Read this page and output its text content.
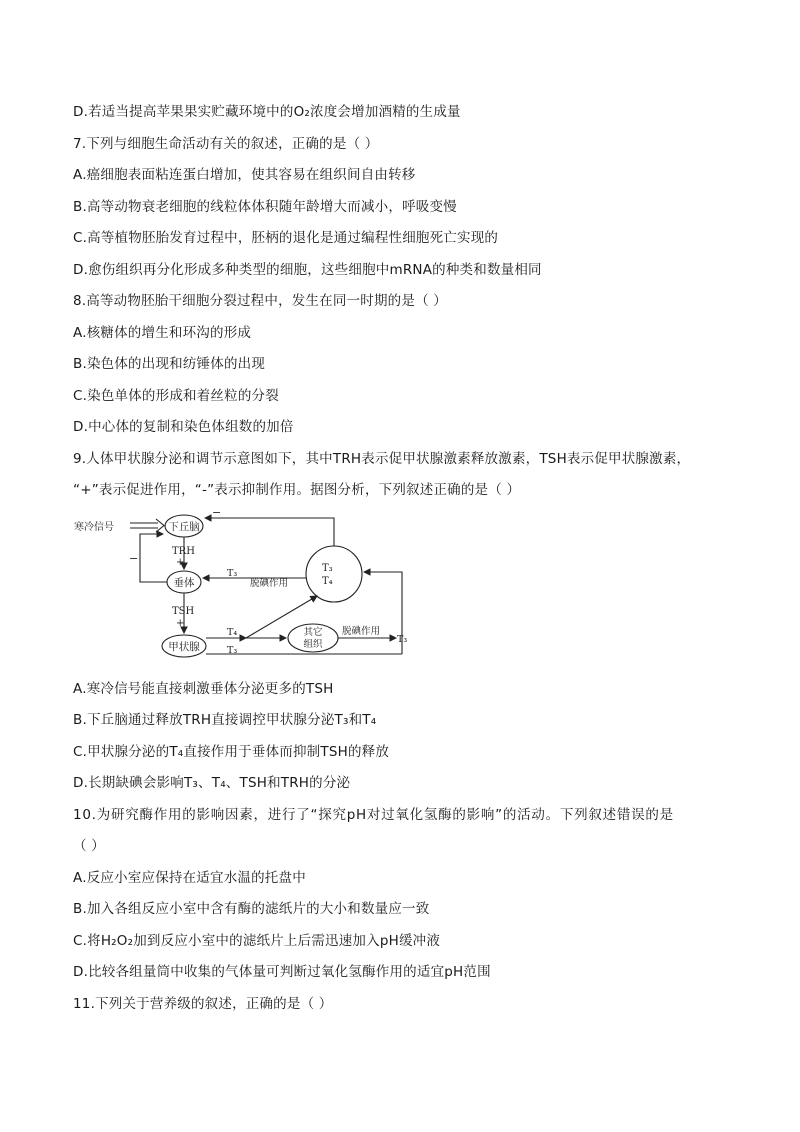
D.若适当提高苹果果实贮藏环境中的O₂浓度会增加酒精的生成量
7.下列与细胞生命活动有关的叙述，正确的是（ ）
A.癌细胞表面粘连蛋白增加，使其容易在组织间自由转移
B.高等动物衰老细胞的线粒体体积随年龄增大而减小，呼吸变慢
C.高等植物胚胎发育过程中，胚柄的退化是通过编程性细胞死亡实现的
D.愈伤组织再分化形成多种类型的细胞，这些细胞中mRNA的种类和数量相同
8.高等动物胚胎干细胞分裂过程中，发生在同一时期的是（ ）
A.核糖体的增生和环沟的形成
B.染色体的出现和纺锤体的出现
C.染色单体的形成和着丝粒的分裂
D.中心体的复制和染色体组数的加倍
9.人体甲状腺分泌和调节示意图如下，其中TRH表示促甲状腺激素释放激素，TSH表示促甲状腺激素，
“+”表示促进作用，“-”表示抑制作用。据图分析，下列叙述正确的是（ ）
寒冷信号	下丘脑
垂体
甲状腺
TRH
+
TSH
+
−
−
T₃	T₃
T₄
脱碘作用
T₄
T₃
其它
组织
脱碘作用
T₃
A.寒冷信号能直接刺激垂体分泌更多的TSH
B.下丘脑通过释放TRH直接调控甲状腺分泌T₃和T₄
C.甲状腺分泌的T₄直接作用于垂体而抑制TSH的释放
D.长期缺碘会影响T₃、T₄、TSH和TRH的分泌
10.为研究酶作用的影响因素，进行了“探究pH对过氧化氢酶的影响”的活动。下列叙述错误的是
（ ）
A.反应小室应保持在适宜水温的托盘中
B.加入各组反应小室中含有酶的滤纸片的大小和数量应一致
C.将H₂O₂加到反应小室中的滤纸片上后需迅速加入pH缓冲液
D.比较各组量筒中收集的气体量可判断过氧化氢酶作用的适宜pH范围
11.下列关于营养级的叙述，正确的是（ ）
